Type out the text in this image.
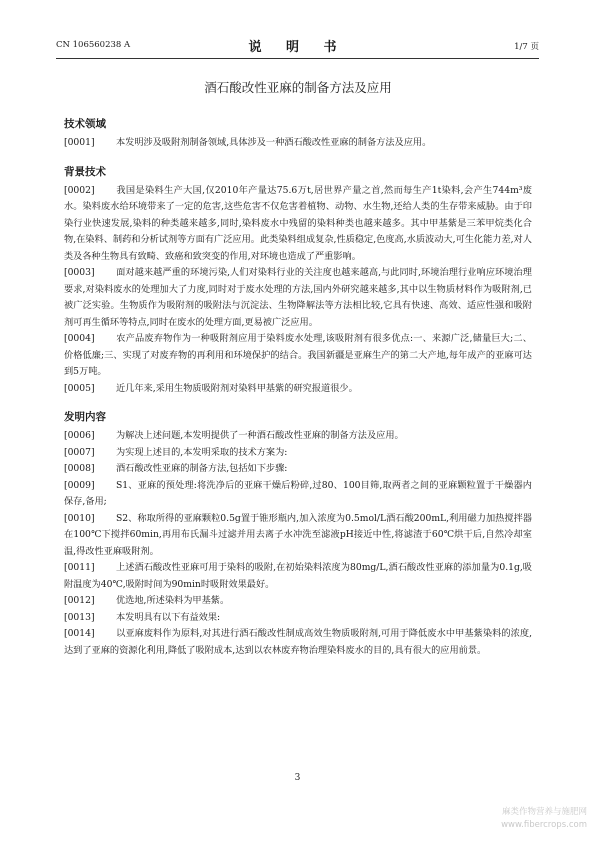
CN 106560238 A	说 明 书	1/7 页
酒石酸改性亚麻的制备方法及应用
技术领域

[0001] 本发明涉及吸附剂制备领域,具体涉及一种酒石酸改性亚麻的制备方法及应用。

背景技术

[0002] 我国是染料生产大国,仅2010年产量达75.6万t,居世界产量之首,然而每生产1t染料,会产生744m³废水。染料废水给环境带来了一定的危害,这些危害不仅危害着植物、动物、水生物,还给人类的生存带来威胁。由于印染行业快速发展,染料的种类越来越多,同时,染料废水中残留的染料种类也越来越多。其中甲基紫是三苯甲烷类化合物,在染料、制药和分析试剂等方面有广泛应用。此类染料组成复杂,性质稳定,色度高,水质波动大,可生化能力差,对人类及各种生物具有致畸、致癌和致突变的作用,对环境也造成了严重影响。

[0003] 面对越来越严重的环境污染,人们对染料行业的关注度也越来越高,与此同时,环境治理行业响应环境治理要求,对染料废水的处理加大了力度,同时对于废水处理的方法,国内外研究越来越多,其中以生物质材料作为吸附剂,已被广泛实验。生物质作为吸附剂的吸附法与沉淀法、生物降解法等方法相比较,它具有快速、高效、适应性强和吸附剂可再生循环等特点,同时在废水的处理方面,更易被广泛应用。

[0004] 农产品废弃物作为一种吸附剂应用于染料废水处理,该吸附剂有很多优点:一、来源广泛,储量巨大;二、价格低廉;三、实现了对废弃物的再利用和环境保护的结合。我国新疆是亚麻生产的第二大产地,每年成产的亚麻可达到5万吨。

[0005] 近几年来,采用生物质吸附剂对染料甲基紫的研究报道很少。

发明内容

[0006] 为解决上述问题,本发明提供了一种酒石酸改性亚麻的制备方法及应用。

[0007] 为实现上述目的,本发明采取的技术方案为:

[0008] 酒石酸改性亚麻的制备方法,包括如下步骤:

[0009] S1、亚麻的预处理:将洗净后的亚麻干燥后粉碎,过80、100目筛,取两者之间的亚麻颗粒置于干燥器内保存,备用;

[0010] S2、称取所得的亚麻颗粒0.5g置于锥形瓶内,加入浓度为0.5mol/L酒石酸200mL,利用磁力加热搅拌器在100℃下搅拌60min,再用布氏漏斗过滤并用去离子水冲洗至滤液pH接近中性,将滤渣于60℃烘干后,自然冷却室温,得改性亚麻吸附剂。

[0011] 上述酒石酸改性亚麻可用于染料的吸附,在初始染料浓度为80mg/L,酒石酸改性亚麻的添加量为0.1g,吸附温度为40℃,吸附时间为90min时吸附效果最好。

[0012] 优选地,所述染料为甲基紫。

[0013] 本发明具有以下有益效果:

[0014] 以亚麻废料作为原料,对其进行酒石酸改性制成高效生物质吸附剂,可用于降低废水中甲基紫染料的浓度,达到了亚麻的资源化利用,降低了吸附成本,达到以农林废弃物治理染料废水的目的,具有很大的应用前景。

3
麻类作物营养与施肥网
www.fibercrops.com
